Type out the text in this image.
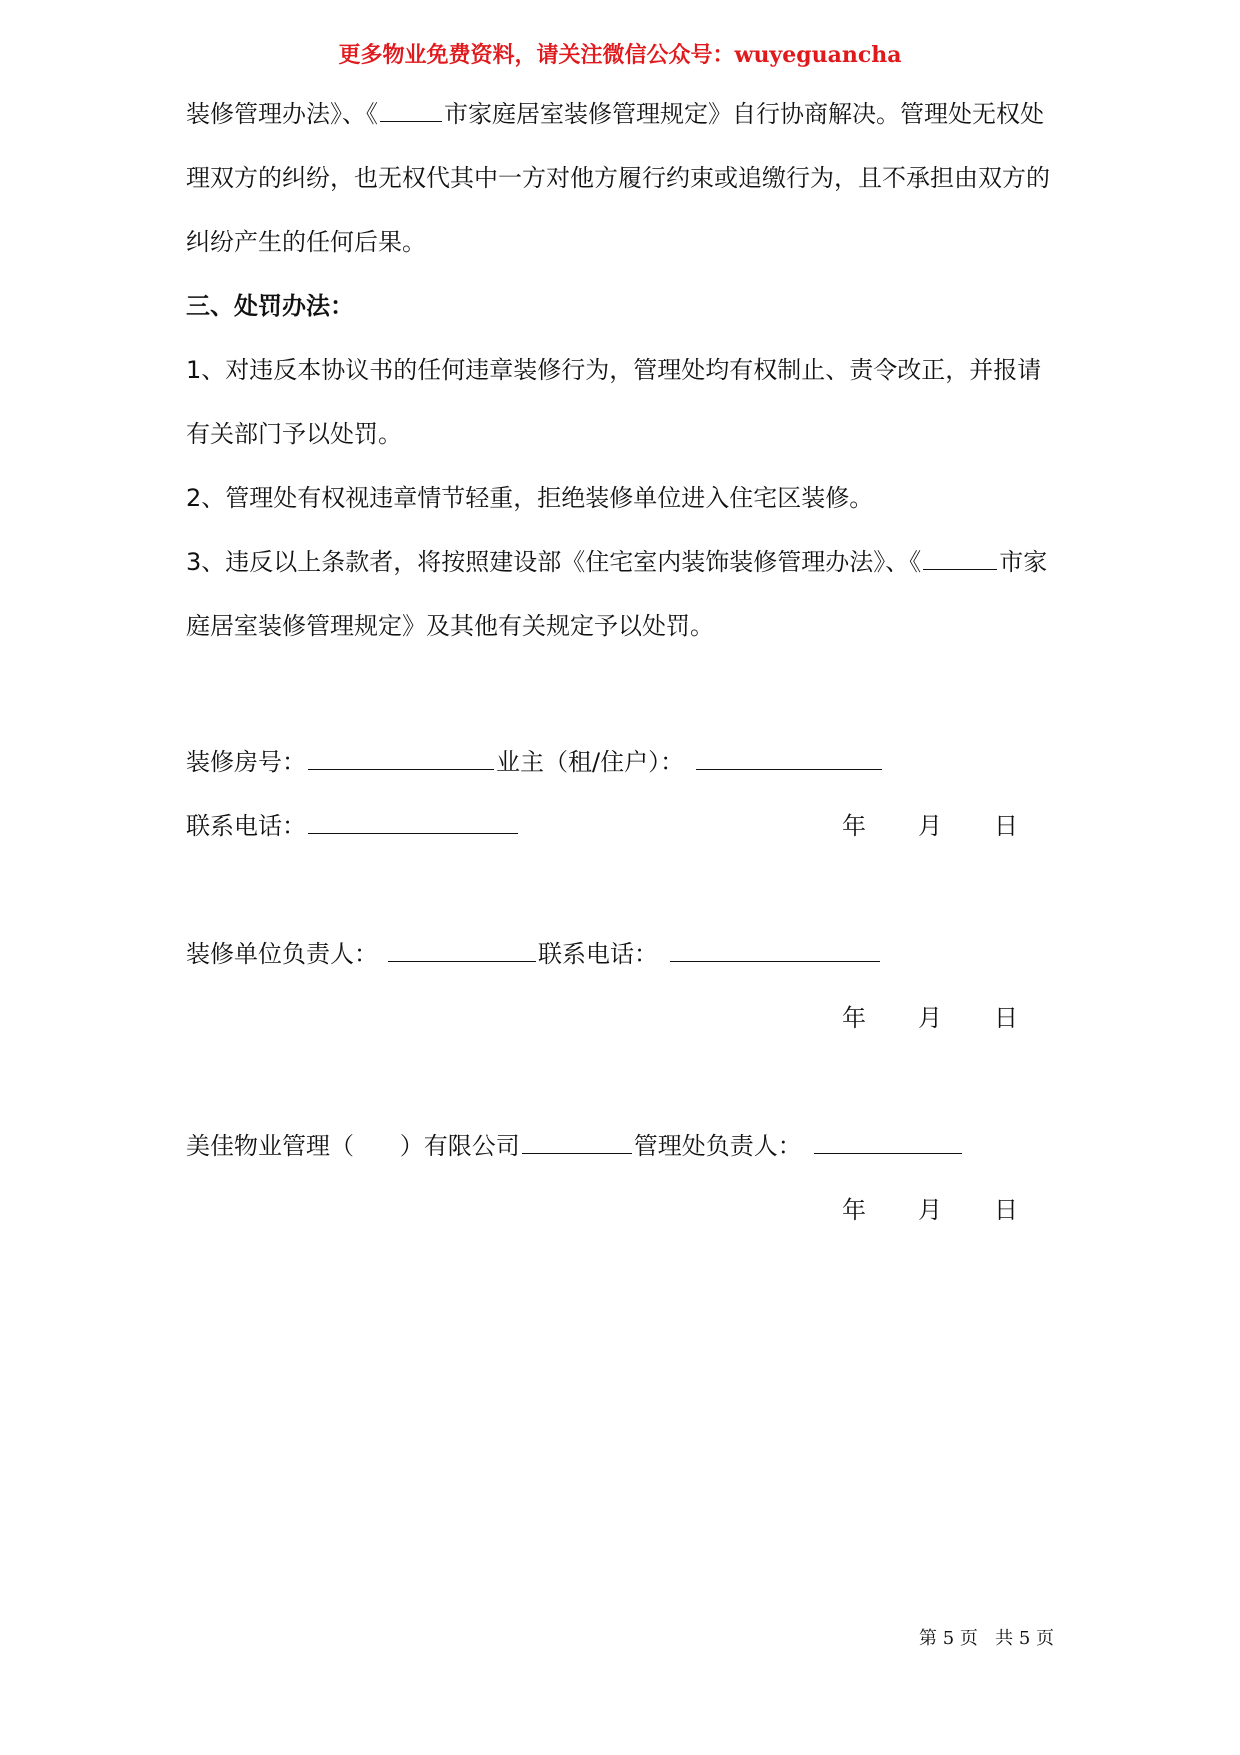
更多物业免费资料，请关注微信公众号：wuyeguancha
装修管理办法》、《	市家庭居室装修管理规定》自行协商解决。管理处无权处理双方的纠纷，也无权代其中一方对他方履行约束或追缴行为，且不承担由双方的纠纷产生的任何后果。
三、处罚办法：
1、对违反本协议书的任何违章装修行为，管理处均有权制止、责令改正，并报请有关部门予以处罚。
2、管理处有权视违章情节轻重，拒绝装修单位进入住宅区装修。
3、违反以上条款者，将按照建设部《住宅室内装饰装修管理办法》、《	市家庭居室装修管理规定》及其他有关规定予以处罚。
装修房号：	业主（租/住户）：
联系电话：	年 月 日
装修单位负责人：	联系电话：
年 月 日
美佳物业管理（      ）有限公司	管理处负责人：
年 月 日
第 5 页   共 5 页
